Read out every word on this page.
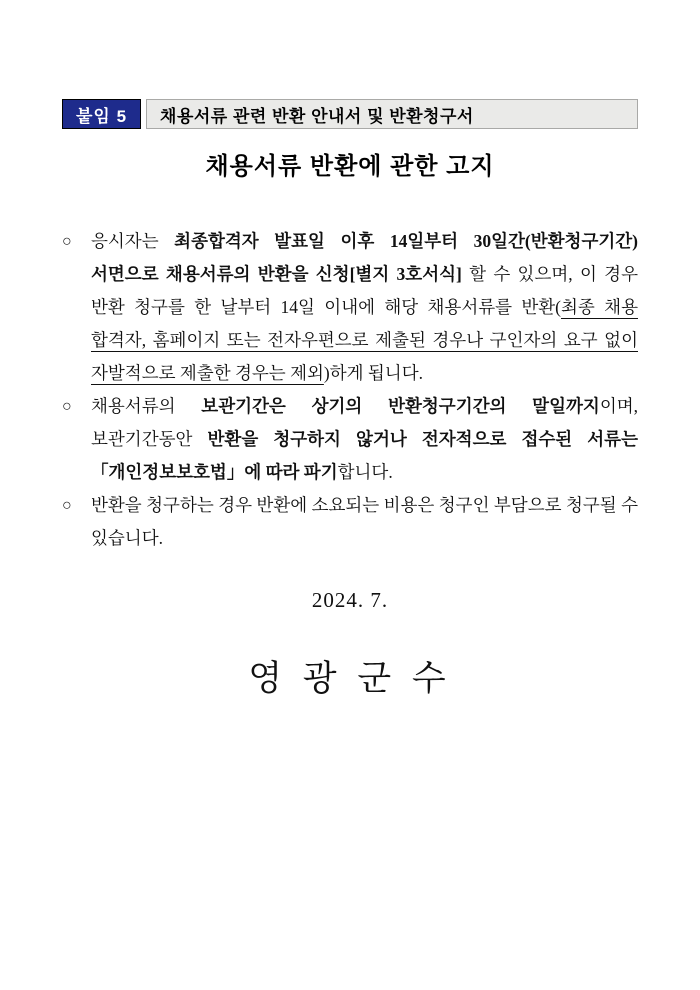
붙임 5	채용서류 관련 반환 안내서 및 반환청구서
채용서류 반환에 관한 고지
○	응시자는 최종합격자 발표일 이후 14일부터 30일간(반환청구기간) 서면으로 채용서류의 반환을 신청[별지 3호서식] 할 수 있으며, 이 경우 반환 청구를 한 날부터 14일 이내에 해당 채용서류를 반환(최종 채용 합격자, 홈페이지 또는 전자우편으로 제출된 경우나 구인자의 요구 없이 자발적으로 제출한 경우는 제외)하게 됩니다.
○	채용서류의 보관기간은 상기의 반환청구기간의 말일까지이며, 보관기간동안 반환을 청구하지 않거나 전자적으로 접수된 서류는 「개인정보보호법」에 따라 파기합니다.
○	반환을 청구하는 경우 반환에 소요되는 비용은 청구인 부담으로 청구될 수 있습니다.
2024. 7.
영 광 군 수
